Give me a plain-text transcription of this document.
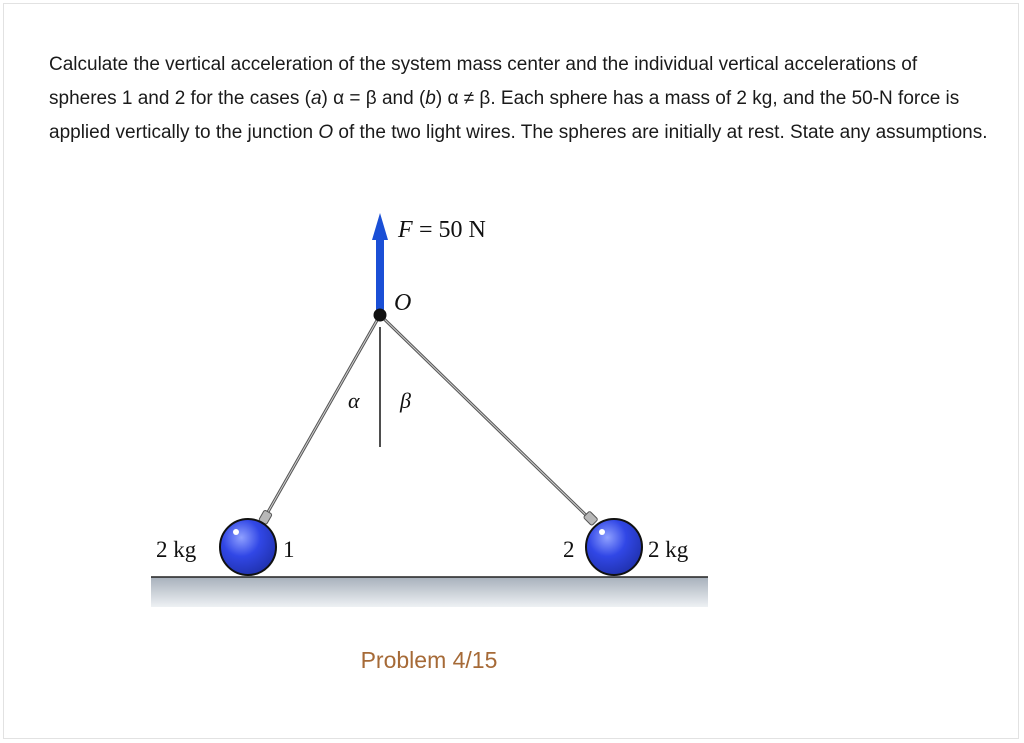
Calculate the vertical acceleration of the system mass center and the individual vertical accelerations of spheres 1 and 2 for the cases (a) α = β and (b) α ≠ β. Each sphere has a mass of 2 kg, and the 50-N force is applied vertically to the junction O of the two light wires. The spheres are initially at rest. State any assumptions.

F = 50 N
O
α β
2 kg	1	2	2 kg
Problem 4/15
